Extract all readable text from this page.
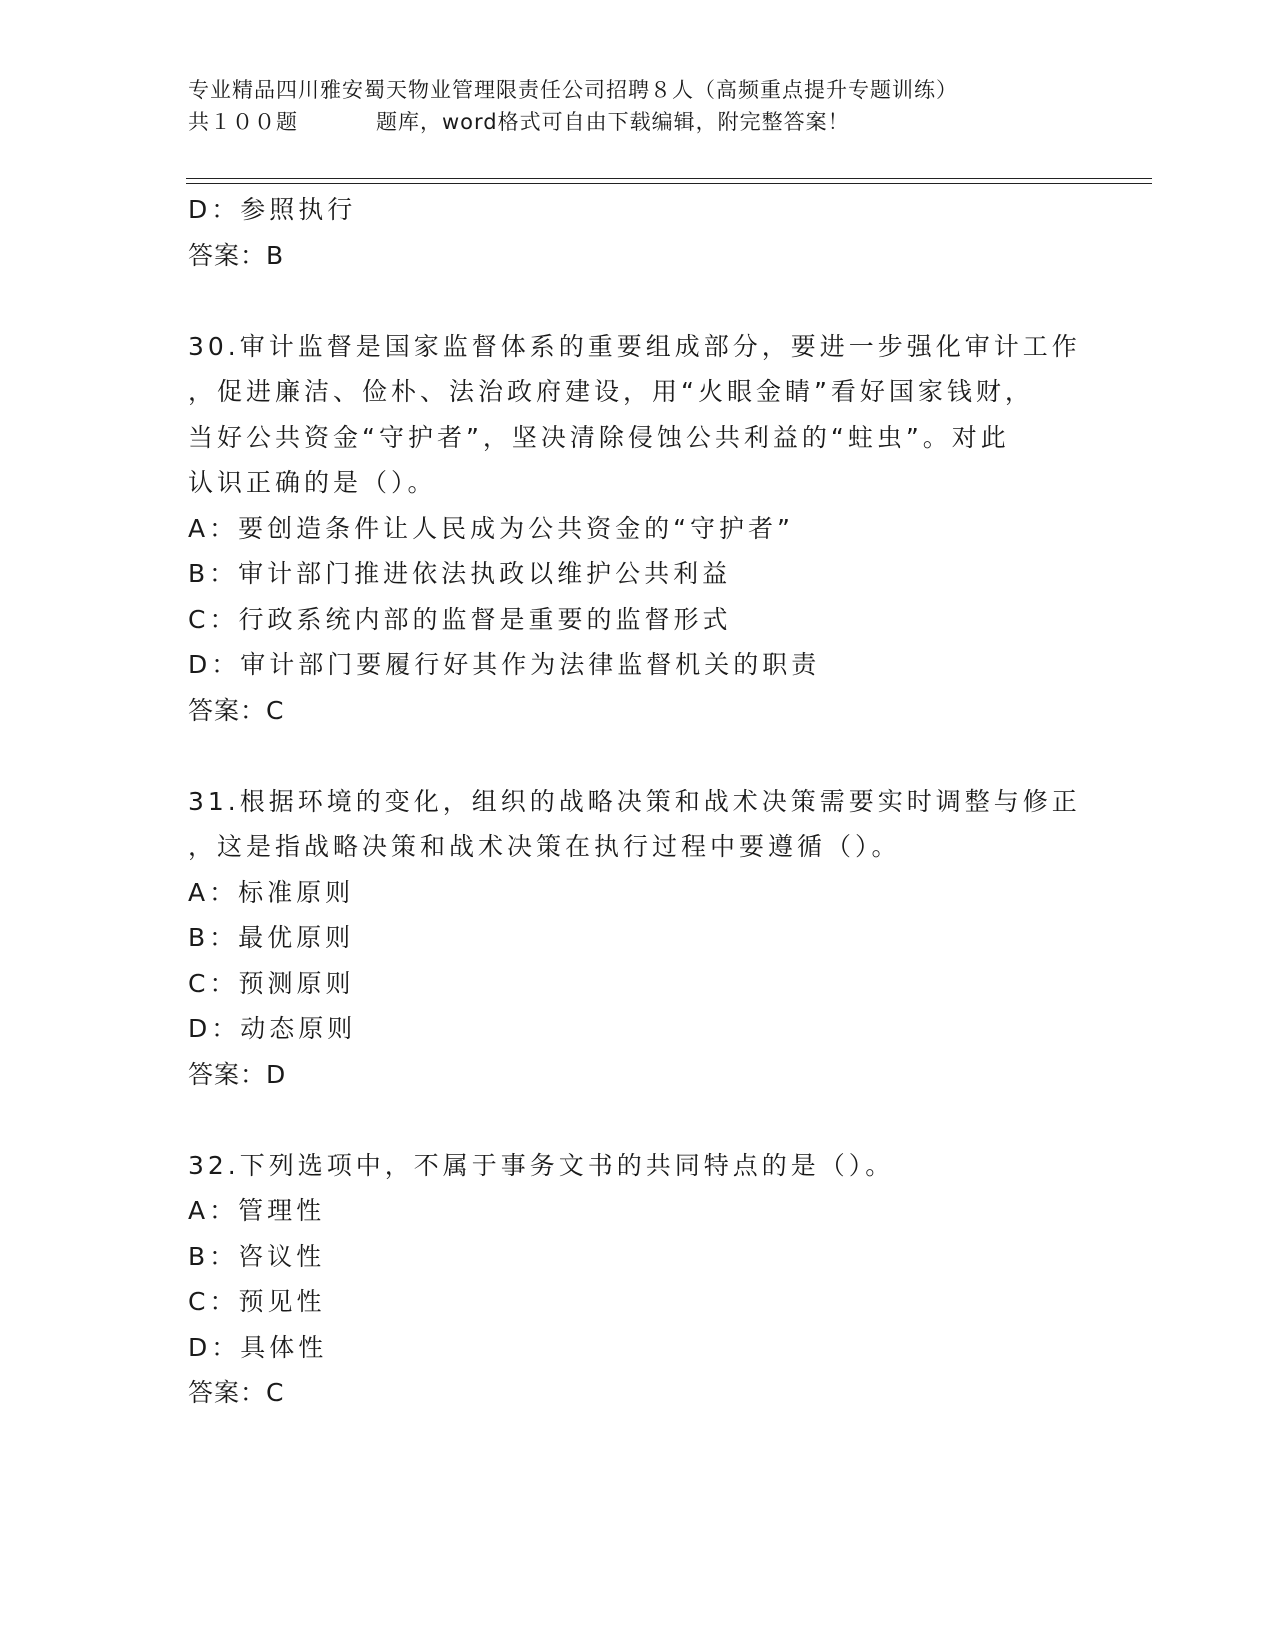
专业精品四川雅安蜀天物业管理限责任公司招聘８人（高频重点提升专题训练）
共１００题	题库，word格式可自由下载编辑，附完整答案！
D：参照执行
答案：B
30.审计监督是国家监督体系的重要组成部分，要进一步强化审计工作
，促进廉洁、俭朴、法治政府建设，用“火眼金睛”看好国家钱财，
当好公共资金“守护者”，坚决清除侵蚀公共利益的“蛀虫”。对此
认识正确的是（）。
A：要创造条件让人民成为公共资金的“守护者”
B：审计部门推进依法执政以维护公共利益
C：行政系统内部的监督是重要的监督形式
D：审计部门要履行好其作为法律监督机关的职责
答案：C
31.根据环境的变化，组织的战略决策和战术决策需要实时调整与修正
，这是指战略决策和战术决策在执行过程中要遵循（）。
A：标准原则
B：最优原则
C：预测原则
D：动态原则
答案：D
32.下列选项中，不属于事务文书的共同特点的是（）。
A：管理性
B：咨议性
C：预见性
D：具体性
答案：C
